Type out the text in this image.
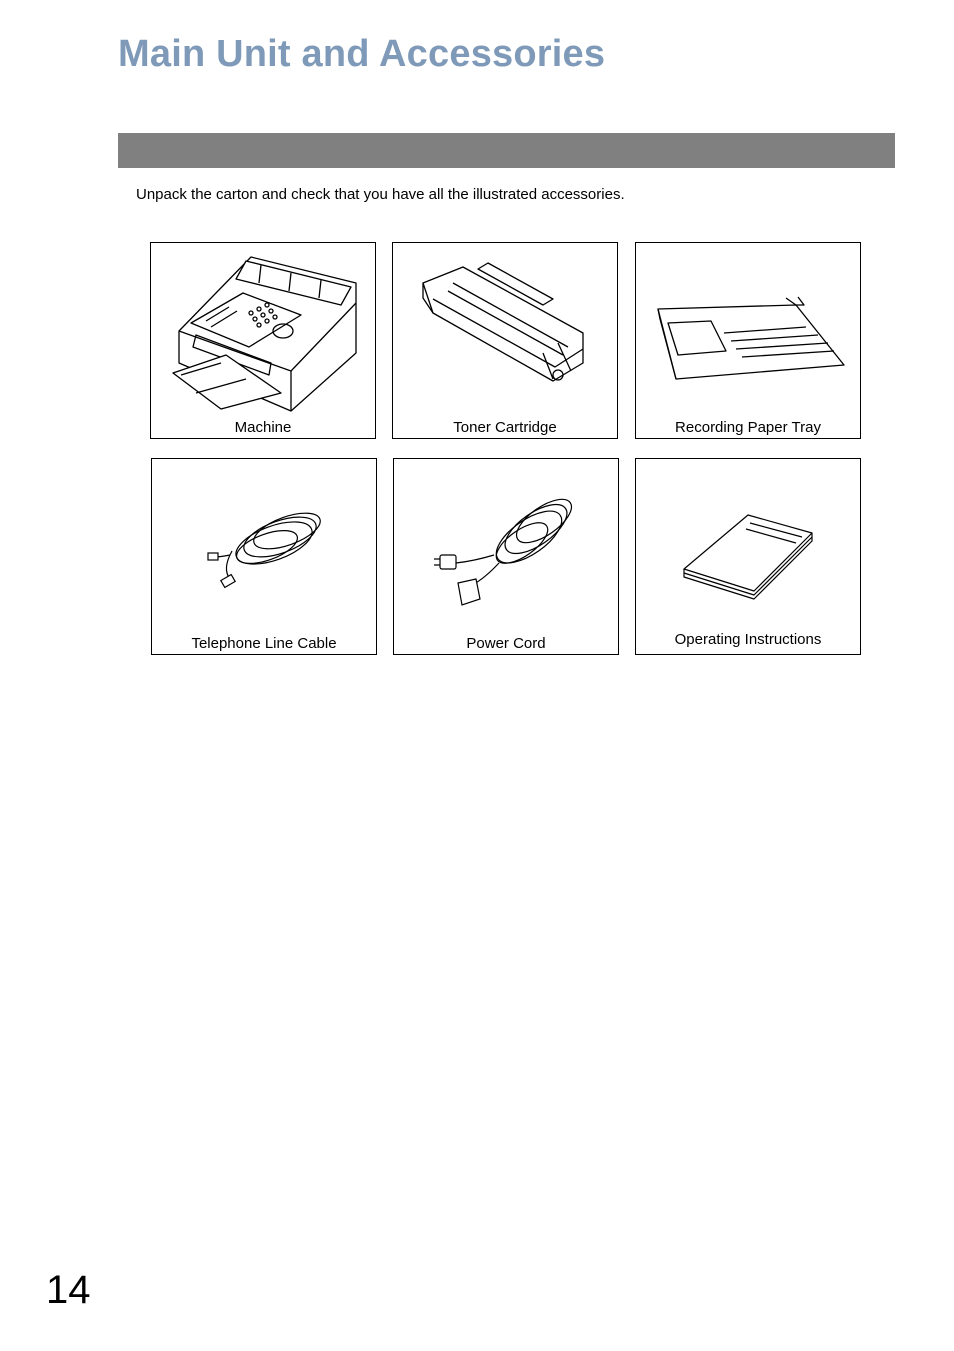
Main Unit and Accessories
Unpack the carton and check that you have all the illustrated accessories.
Machine	Toner Cartridge	Recording Paper Tray
Telephone Line Cable	Power Cord	Operating Instructions
14
